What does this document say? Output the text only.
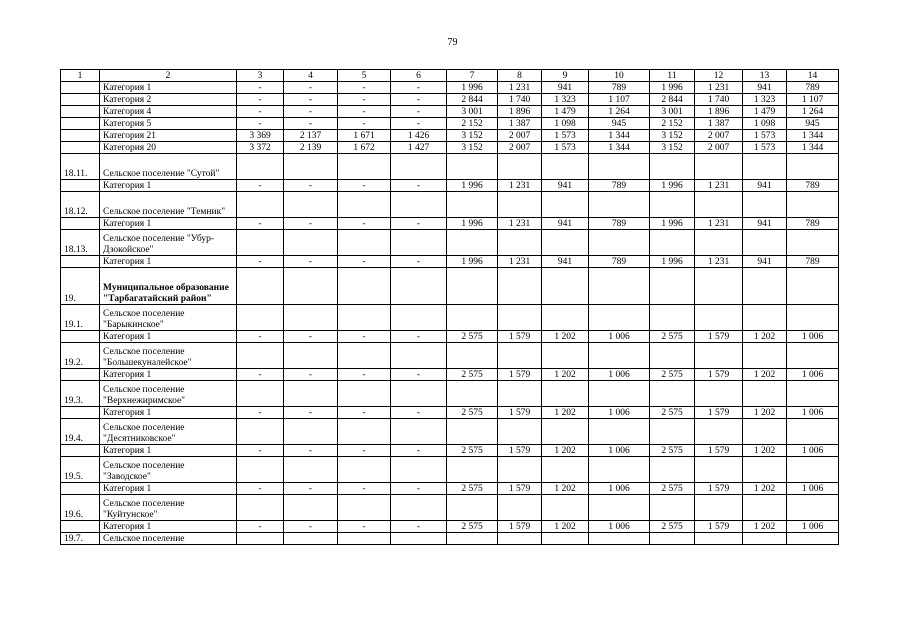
79
1	2	3	4	5	6	7	8	9	10	11	12	13	14
	Категория 1	-	-	-	-	1 996	1 231	941	789	1 996	1 231	941	789
	Категория 2	-	-	-	-	2 844	1 740	1 323	1 107	2 844	1 740	1 323	1 107
	Категория 4	-	-	-	-	3 001	1 896	1 479	1 264	3 001	1 896	1 479	1 264
	Категория 5	-	-	-	-	2 152	1 387	1 098	945	2 152	1 387	1 098	945
	Категория 21	3 369	2 137	1 671	1 426	3 152	2 007	1 573	1 344	3 152	2 007	1 573	1 344
	Категория 20	3 372	2 139	1 672	1 427	3 152	2 007	1 573	1 344	3 152	2 007	1 573	1 344
18.11.	Сельское поселение "Сутой"												
	Категория 1	-	-	-	-	1 996	1 231	941	789	1 996	1 231	941	789
18.12.	Сельское поселение "Темник"												
	Категория 1	-	-	-	-	1 996	1 231	941	789	1 996	1 231	941	789
18.13.	Сельское поселение "Убур-Дзокойское"												
	Категория 1	-	-	-	-	1 996	1 231	941	789	1 996	1 231	941	789
19.	Муниципальное образование "Тарбагатайский район"												
19.1.	Сельское поселение "Барыкинское"												
	Категория 1	-	-	-	-	2 575	1 579	1 202	1 006	2 575	1 579	1 202	1 006
19.2.	Сельское поселение "Большекуналейское"												
	Категория 1	-	-	-	-	2 575	1 579	1 202	1 006	2 575	1 579	1 202	1 006
19.3.	Сельское поселение "Верхнежиримское"												
	Категория 1	-	-	-	-	2 575	1 579	1 202	1 006	2 575	1 579	1 202	1 006
19.4.	Сельское поселение "Десятниковское"												
	Категория 1	-	-	-	-	2 575	1 579	1 202	1 006	2 575	1 579	1 202	1 006
19.5.	Сельское поселение "Заводское"												
	Категория 1	-	-	-	-	2 575	1 579	1 202	1 006	2 575	1 579	1 202	1 006
19.6.	Сельское поселение "Куйтунское"												
	Категория 1	-	-	-	-	2 575	1 579	1 202	1 006	2 575	1 579	1 202	1 006
19.7.	Сельское поселение												
